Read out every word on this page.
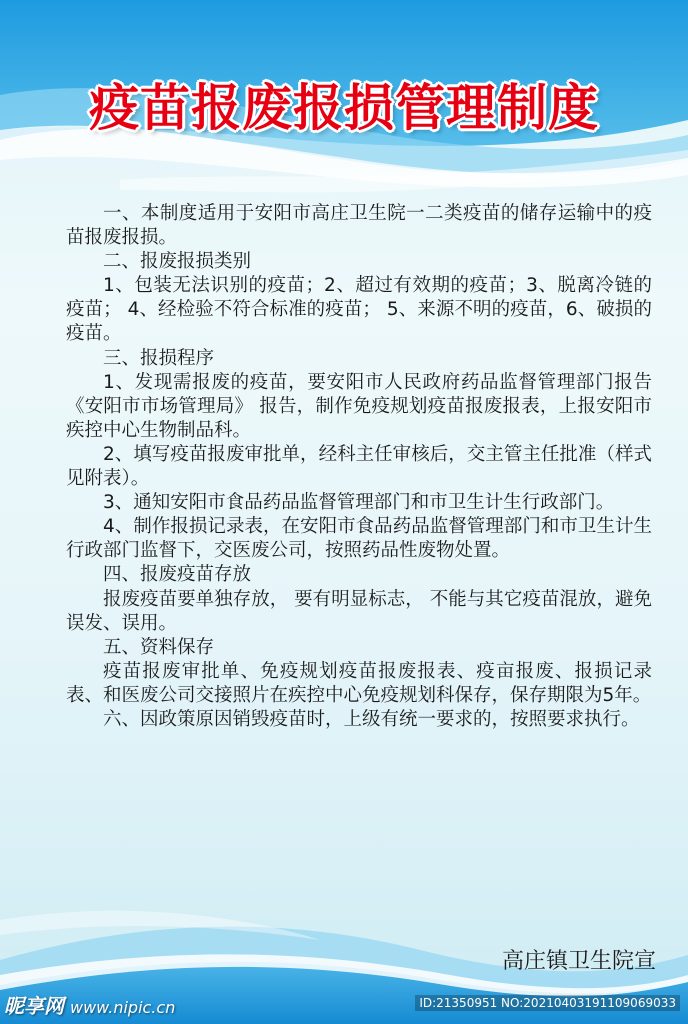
疫苗报废报损管理制度

一、本制度适用于安阳市高庄卫生院一二类疫苗的储存运输中的疫苗报废报损。

二、报废报损类别

1、包装无法识别的疫苗；2、超过有效期的疫苗；3、脱离冷链的疫苗； 4、经检验不符合标准的疫苗； 5、来源不明的疫苗，6、破损的疫苗。

三、报损程序

1、发现需报废的疫苗，要安阳市人民政府药品监督管理部门报告《安阳市市场管理局》 报告，制作免疫规划疫苗报废报表，上报安阳市疾控中心生物制品科。

2、填写疫苗报废审批单，经科主任审核后，交主管主任批准（样式见附表）。

3、通知安阳市食品药品监督管理部门和市卫生计生行政部门。

4、制作报损记录表，在安阳市食品药品监督管理部门和市卫生计生行政部门监督下，交医废公司，按照药品性废物处置。

四、报废疫苗存放

报废疫苗要单独存放， 要有明显标志， 不能与其它疫苗混放，避免误发、误用。

五、资料保存

疫苗报废审批单、免疫规划疫苗报废报表、疫亩报废、报损记录表、和医废公司交接照片在疾控中心免疫规划科保存，保存期限为5年。

六、因政策原因销毁疫苗时，上级有统一要求的，按照要求执行。

高庄镇卫生院宣
昵享网 www.nipic.cn	ID:21350951 NO:20210403191109069033
